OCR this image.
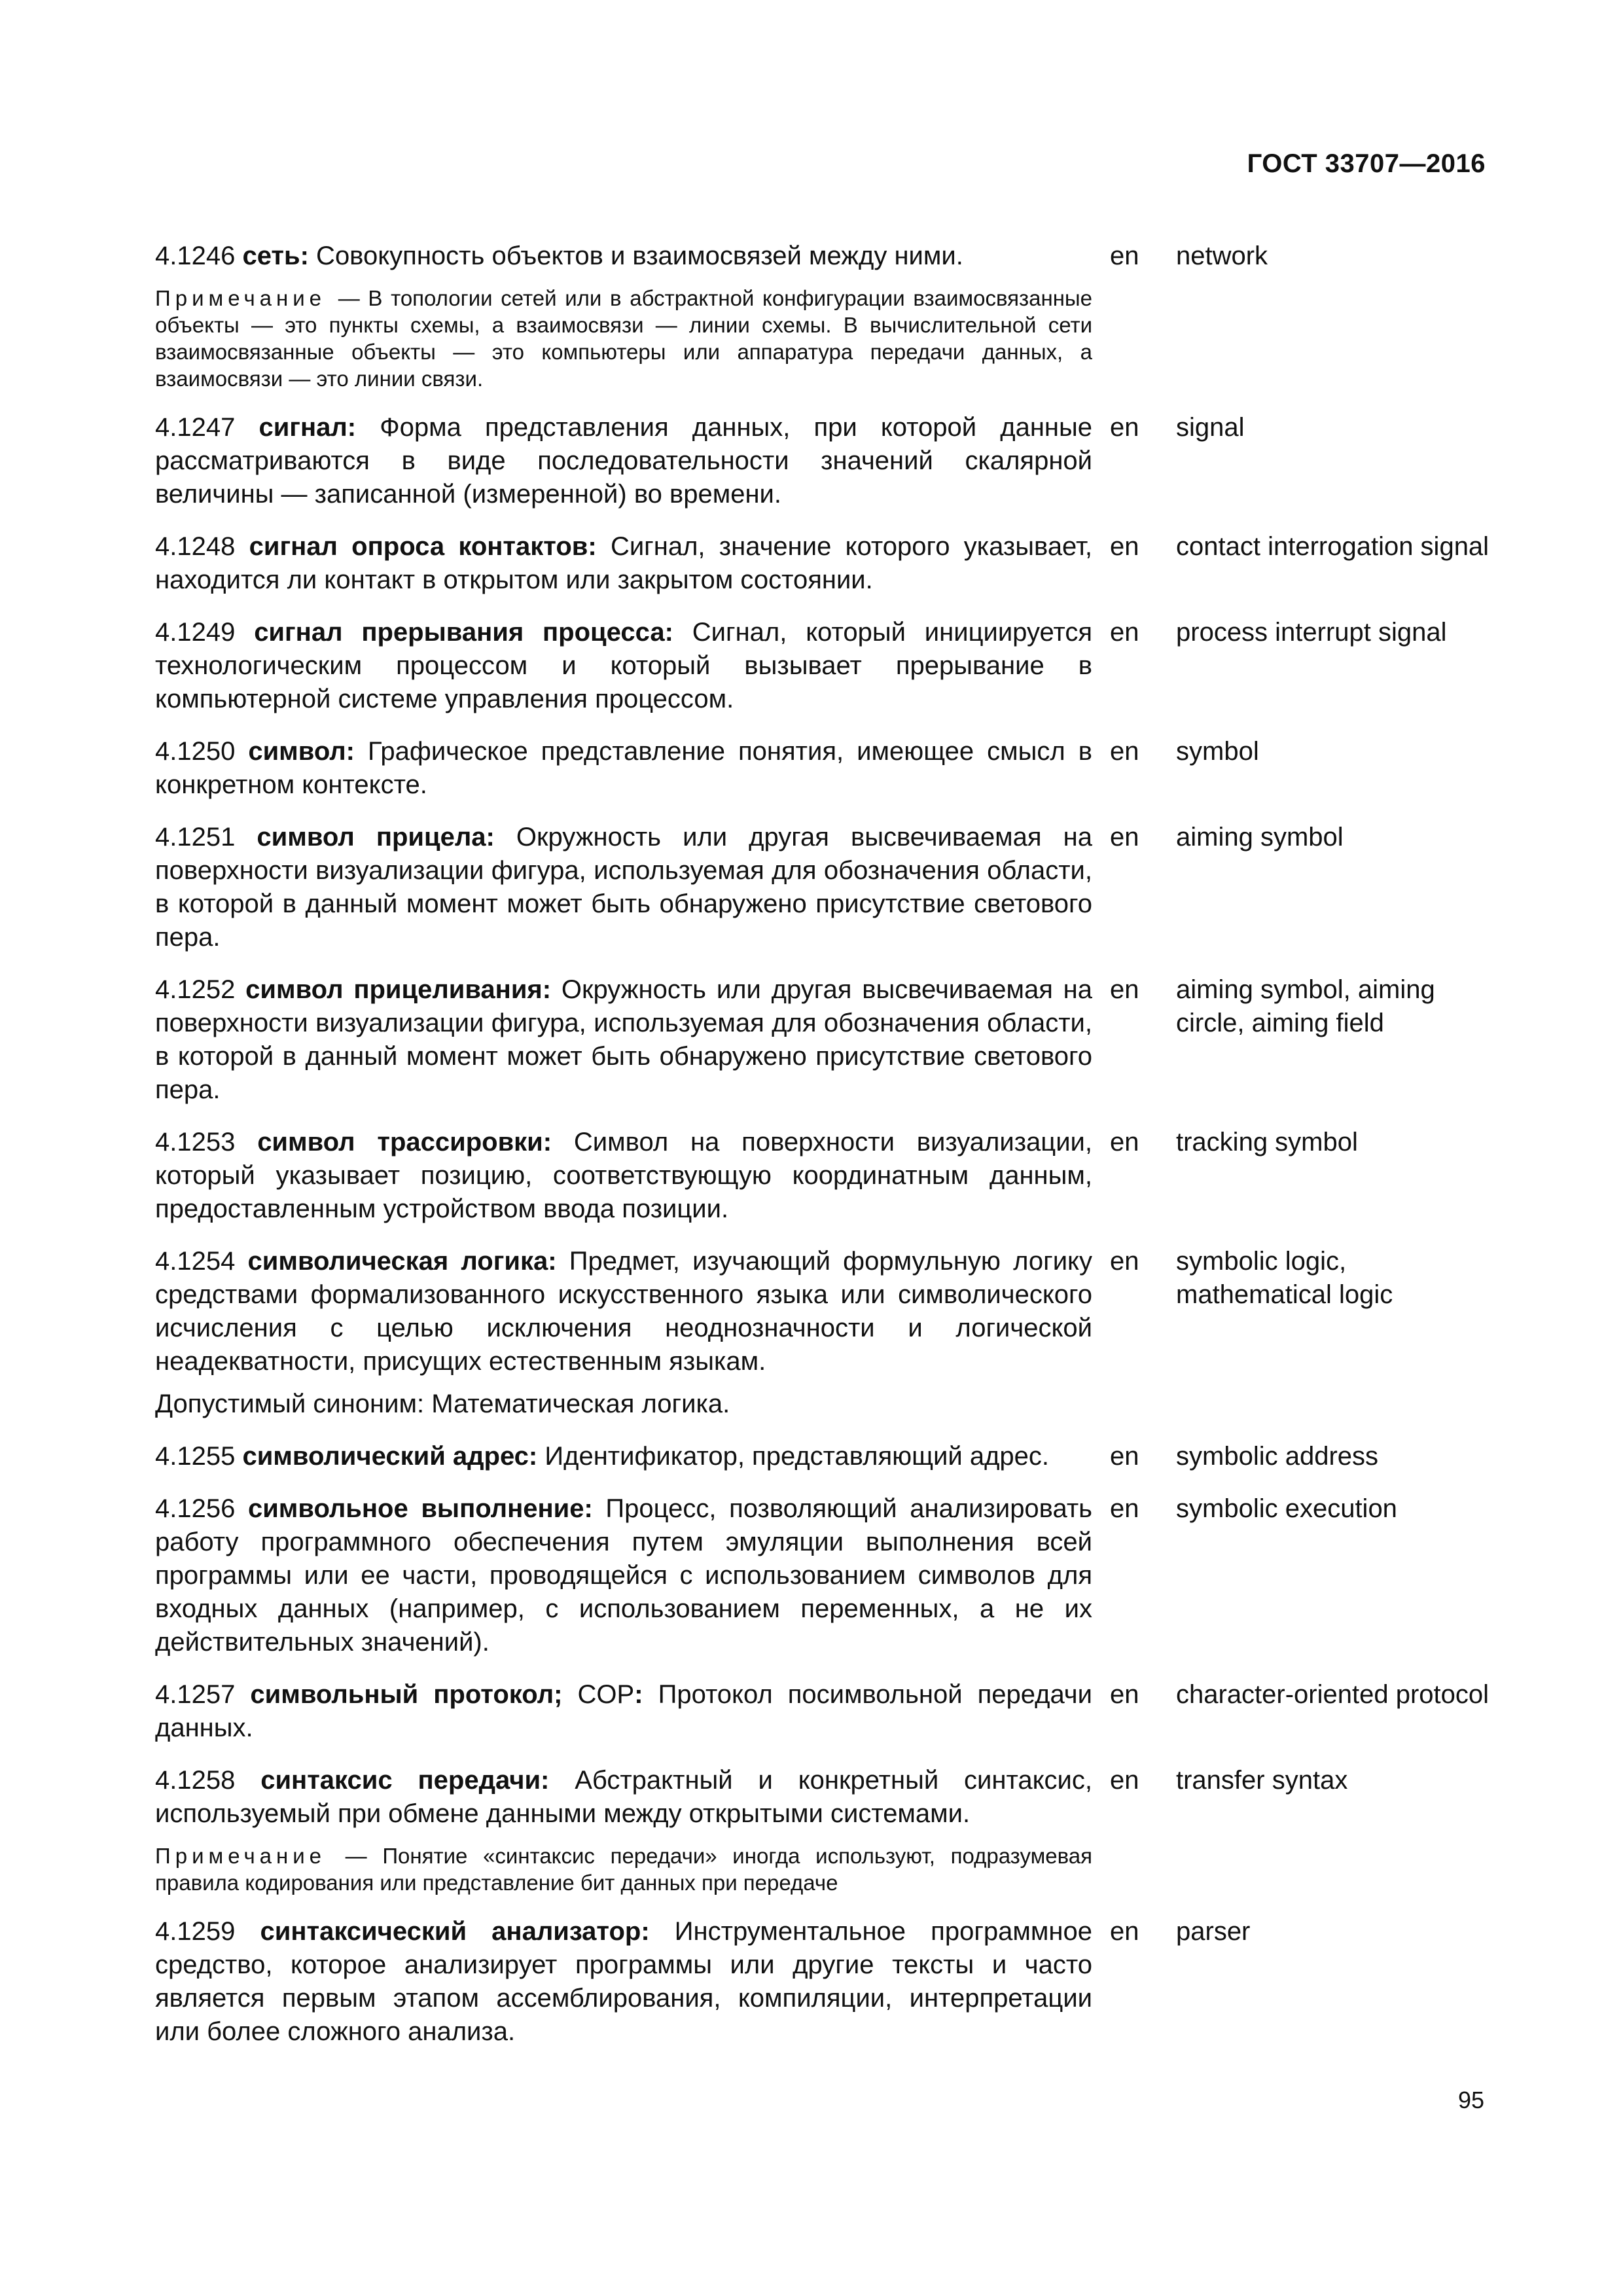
ГОСТ 33707—2016
4.1246 сеть: Совокупность объектов и взаимосвязей между ними.
Примечание — В топологии сетей или в абстрактной конфигурации взаимосвязанные объекты — это пункты схемы, а взаимосвязи — линии схемы. В вычислительной сети взаимосвязанные объекты — это компьютеры или аппаратура передачи данных, а взаимосвязи — это линии связи.
en network
4.1247 сигнал: Форма представления данных, при которой данные рассматриваются в виде последовательности значений скалярной величины — записанной (измеренной) во времени.
en signal
4.1248 сигнал опроса контактов: Сигнал, значение которого указывает, находится ли контакт в открытом или закрытом состоянии.
en contact interrogation signal
4.1249 сигнал прерывания процесса: Сигнал, который инициируется технологическим процессом и который вызывает прерывание в компьютерной системе управления процессом.
en process interrupt signal
4.1250 символ: Графическое представление понятия, имеющее смысл в конкретном контексте.
en symbol
4.1251 символ прицела: Окружность или другая высвечиваемая на поверхности визуализации фигура, используемая для обозначения области, в которой в данный момент может быть обнаружено присутствие светового пера.
en aiming symbol
4.1252 символ прицеливания: Окружность или другая высвечиваемая на поверхности визуализации фигура, используемая для обозначения области, в которой в данный момент может быть обнаружено присутствие светового пера.
en aiming symbol, aiming circle, aiming field
4.1253 символ трассировки: Символ на поверхности визуализации, который указывает позицию, соответствующую координатным данным, предоставленным устройством ввода позиции.
en tracking symbol
4.1254 символическая логика: Предмет, изучающий формульную логику средствами формализованного искусственного языка или символического исчисления с целью исключения неоднозначности и логической неадекватности, присущих естественным языкам.
Допустимый синоним: Математическая логика.
en symbolic logic, mathematical logic
4.1255 символический адрес: Идентификатор, представляющий адрес.	en symbolic address
4.1256 символьное выполнение: Процесс, позволяющий анализировать работу программного обеспечения путем эмуляции выполнения всей программы или ее части, проводящейся с использованием символов для входных данных (например, с использованием переменных, а не их действительных значений).
en symbolic execution
4.1257 символьный протокол; COP: Протокол посимвольной передачи данных.
en character-oriented protocol
4.1258 синтаксис передачи: Абстрактный и конкретный синтаксис, используемый при обмене данными между открытыми системами.
Примечание — Понятие «синтаксис передачи» иногда используют, подразумевая правила кодирования или представление бит данных при передаче
en transfer syntax
4.1259 синтаксический анализатор: Инструментальное программное средство, которое анализирует программы или другие тексты и часто является первым этапом ассемблирования, компиляции, интерпретации или более сложного анализа.
en parser
95
